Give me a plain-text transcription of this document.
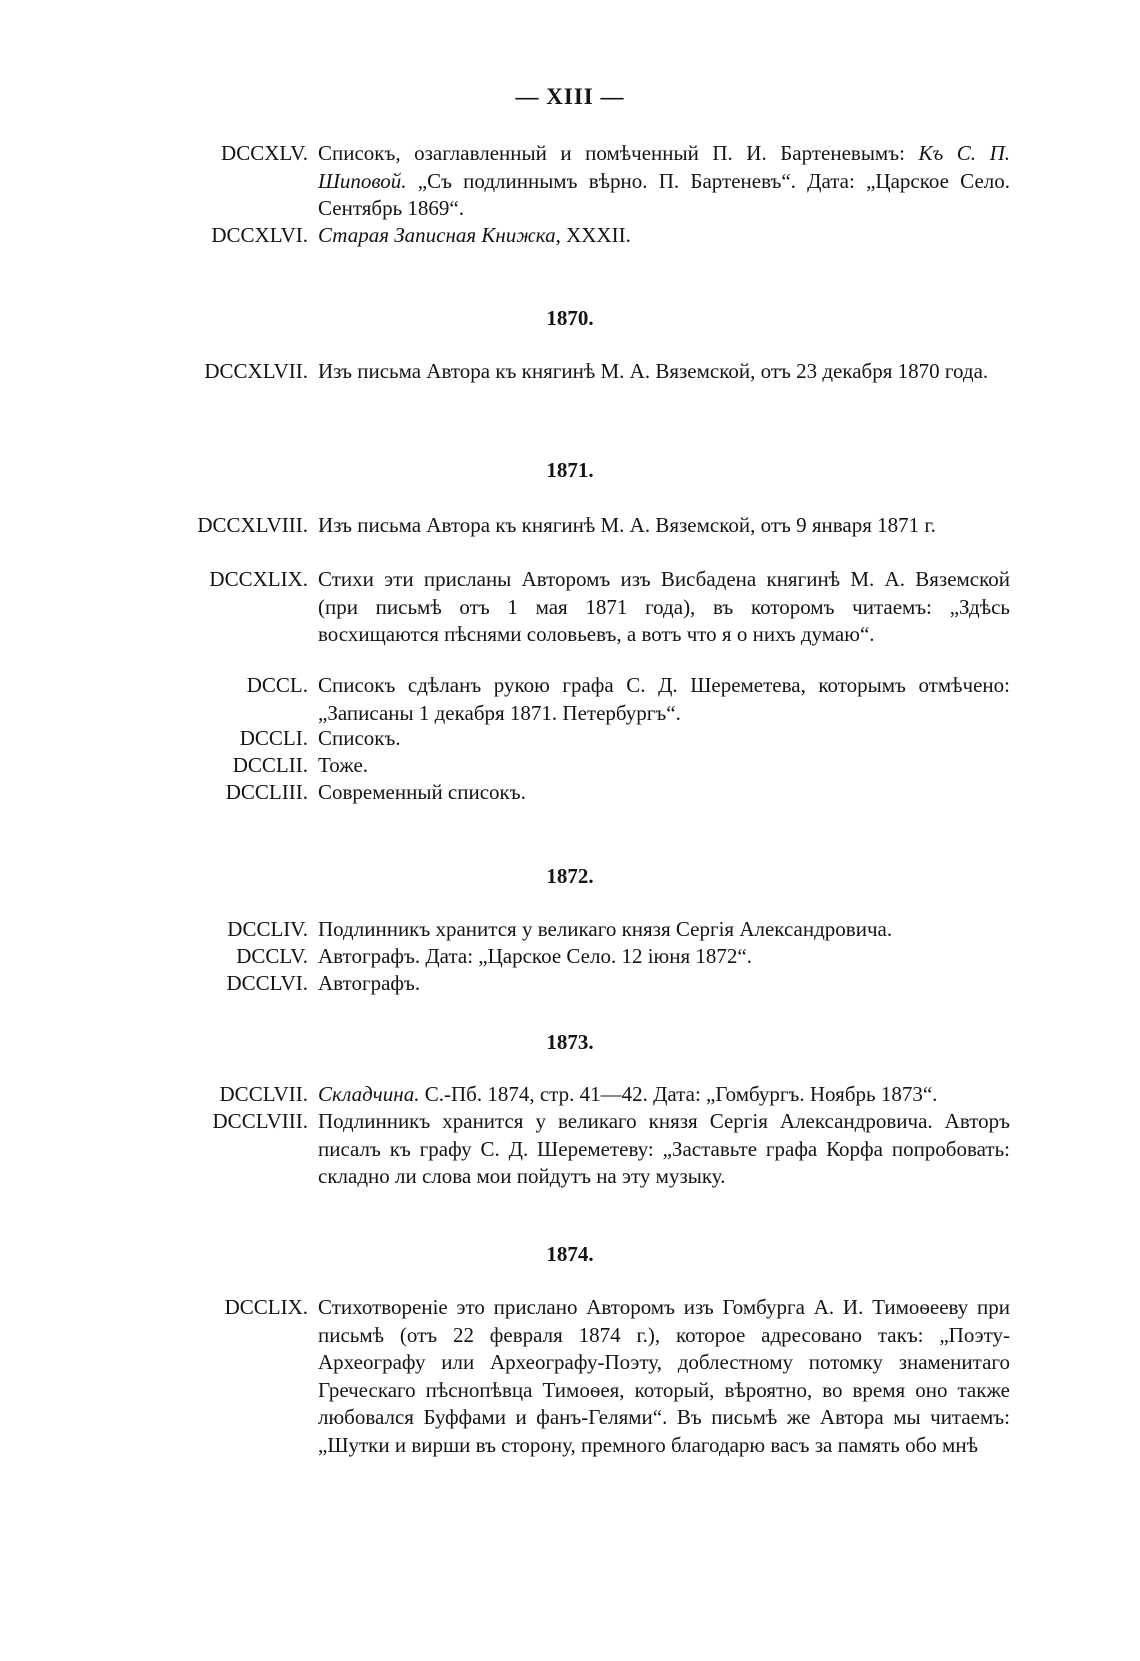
— XIII —
DCCXLV. Списокъ, озаглавленный и помѣченный П. И. Бартеневымъ: Къ С. П. Шиповой. „Съ подлиннымъ вѣрно. П. Бартеневъ“. Дата: „Царское Село. Сентябрь 1869“.
DCCXLVI. Старая Записная Книжка, XXXII.
1870.
DCCXLVII. Изъ письма Автора къ княгинѣ М. А. Вяземской, отъ 23 декабря 1870 года.
1871.
DCCXLVIII. Изъ письма Автора къ княгинѣ М. А. Вяземской, отъ 9 января 1871 г.
DCCXLIX. Стихи эти присланы Авторомъ изъ Висбадена княгинѣ М. А. Вяземской (при письмѣ отъ 1 мая 1871 года), въ которомъ читаемъ: „Здѣсь восхищаются пѣснями соловьевъ, а вотъ что я о нихъ думаю“.
DCCL. Списокъ сдѣланъ рукою графа С. Д. Шереметева, которымъ отмѣчено: „Записаны 1 декабря 1871. Петербургъ“.
DCCLI. Списокъ.
DCCLII. Тоже.
DCCLIII. Современный списокъ.
1872.
DCCLIV. Подлинникъ хранится у великаго князя Сергія Александровича.
DCCLV. Автографъ. Дата: „Царское Село. 12 іюня 1872“.
DCCLVI. Автографъ.
1873.
DCCLVII. Складчина. С.-Пб. 1874, стр. 41—42. Дата: „Гомбургъ. Ноябрь 1873“.
DCCLVIII. Подлинникъ хранится у великаго князя Сергія Александровича. Авторъ писалъ къ графу С. Д. Шереметеву: „Заставьте графа Корфа попробовать: складно ли слова мои пойдутъ на эту музыку.
1874.
DCCLIX. Стихотвореніе это прислано Авторомъ изъ Гомбурга А. И. Тимоѳееву при письмѣ (отъ 22 февраля 1874 г.), которое адресовано такъ: „Поэту-Археографу или Археографу-Поэту, доблестному потомку знаменитаго Греческаго пѣснопѣвца Тимоѳея, который, вѣроятно, во время оно также любовался Буффами и фанъ-Гелями“. Въ письмѣ же Автора мы читаемъ: „Шутки и вирши въ сторону, премного благодарю васъ за память обо мнѣ
